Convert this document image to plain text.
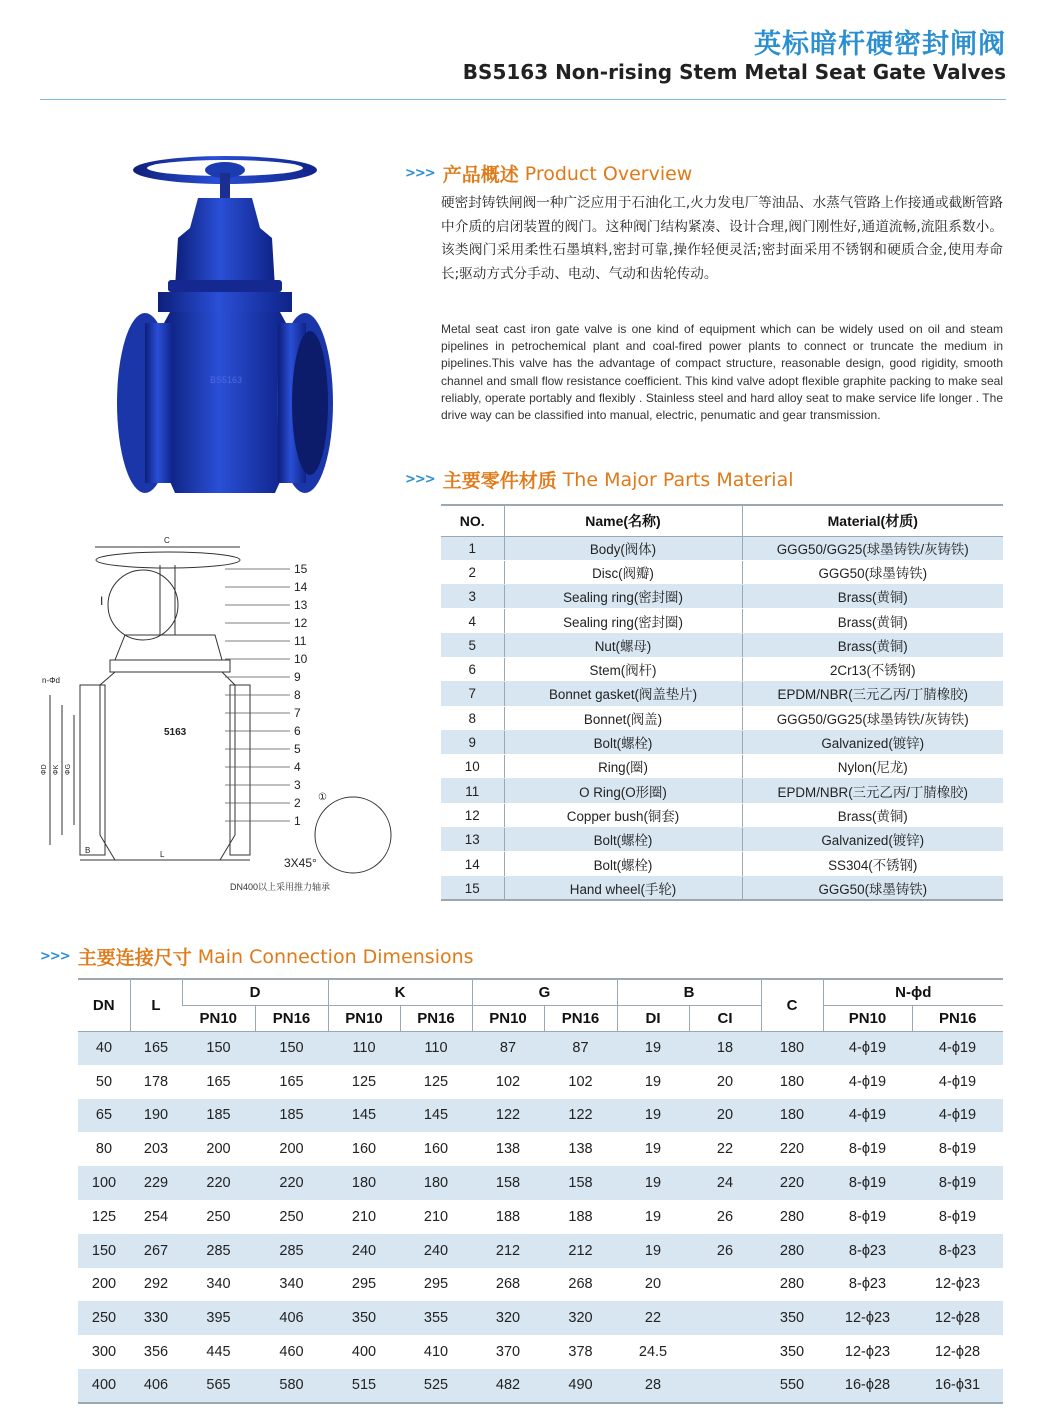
英标暗杆硬密封闸阀
BS5163 Non-rising Stem Metal Seat Gate Valves
BS5163
15
14
13
12
11
10
9
8
7
6
5
4
3
2
1
C
n-Φd
I
5163
ΦD ΦK ΦG
B	L
3X45°
①
DN400以上采用推力轴承
>>> 产品概述 Product Overview
硬密封铸铁闸阀一种广泛应用于石油化工,火力发电厂等油品、水蒸气管路上作接通或截断管路中介质的启闭装置的阀门。这种阀门结构紧凑、设计合理,阀门刚性好,通道流畅,流阻系数小。该类阀门采用柔性石墨填料,密封可靠,操作轻便灵活;密封面采用不锈钢和硬质合金,使用寿命长;驱动方式分手动、电动、气动和齿轮传动。
Metal seat cast iron gate valve is one kind of equipment which can be widely used on oil and steam pipelines in petrochemical plant and coal-fired power plants to connect or truncate the medium in pipelines.This valve has the advantage of compact structure, reasonable design, good rigidity, smooth channel and small flow resistance coefficient. This kind valve adopt flexible graphite packing to make seal reliably, operate portably and flexibly . Stainless steel and hard alloy seat to make service life longer . The drive way can be classified into manual, electric, penumatic and gear transmission.
>>> 主要零件材质 The Major Parts Material
NO.	Name(名称)	Material(材质)
1	Body(阀体)	GGG50/GG25(球墨铸铁/灰铸铁)
2	Disc(阀瓣)	GGG50(球墨铸铁)
3	Sealing ring(密封圈)	Brass(黄铜)
4	Sealing ring(密封圈)	Brass(黄铜)
5	Nut(螺母)	Brass(黄铜)
6	Stem(阀杆)	2Cr13(不锈钢)
7	Bonnet gasket(阀盖垫片)	EPDM/NBR(三元乙丙/丁腈橡胶)
8	Bonnet(阀盖)	GGG50/GG25(球墨铸铁/灰铸铁)
9	Bolt(螺栓)	Galvanized(镀锌)
10	Ring(圈)	Nylon(尼龙)
11	O Ring(O形圈)	EPDM/NBR(三元乙丙/丁腈橡胶)
12	Copper bush(铜套)	Brass(黄铜)
13	Bolt(螺栓)	Galvanized(镀锌)
14	Bolt(螺栓)	SS304(不锈钢)
15	Hand wheel(手轮)	GGG50(球墨铸铁)
>>> 主要连接尺寸 Main Connection Dimensions
DN	L	D		K		G		B		C	N-ϕd	
		PN10	PN16	PN10	PN16	PN10	PN16	DI	CI		PN10	PN16
40	165	150	150	110	110	87	87	19	18	180	4-ϕ19	4-ϕ19
50	178	165	165	125	125	102	102	19	20	180	4-ϕ19	4-ϕ19
65	190	185	185	145	145	122	122	19	20	180	4-ϕ19	4-ϕ19
80	203	200	200	160	160	138	138	19	22	220	8-ϕ19	8-ϕ19
100	229	220	220	180	180	158	158	19	24	220	8-ϕ19	8-ϕ19
125	254	250	250	210	210	188	188	19	26	280	8-ϕ19	8-ϕ19
150	267	285	285	240	240	212	212	19	26	280	8-ϕ23	8-ϕ23
200	292	340	340	295	295	268	268	20		280	8-ϕ23	12-ϕ23
250	330	395	406	350	355	320	320	22		350	12-ϕ23	12-ϕ28
300	356	445	460	400	410	370	378	24.5		350	12-ϕ23	12-ϕ28
400	406	565	580	515	525	482	490	28		550	16-ϕ28	16-ϕ31
